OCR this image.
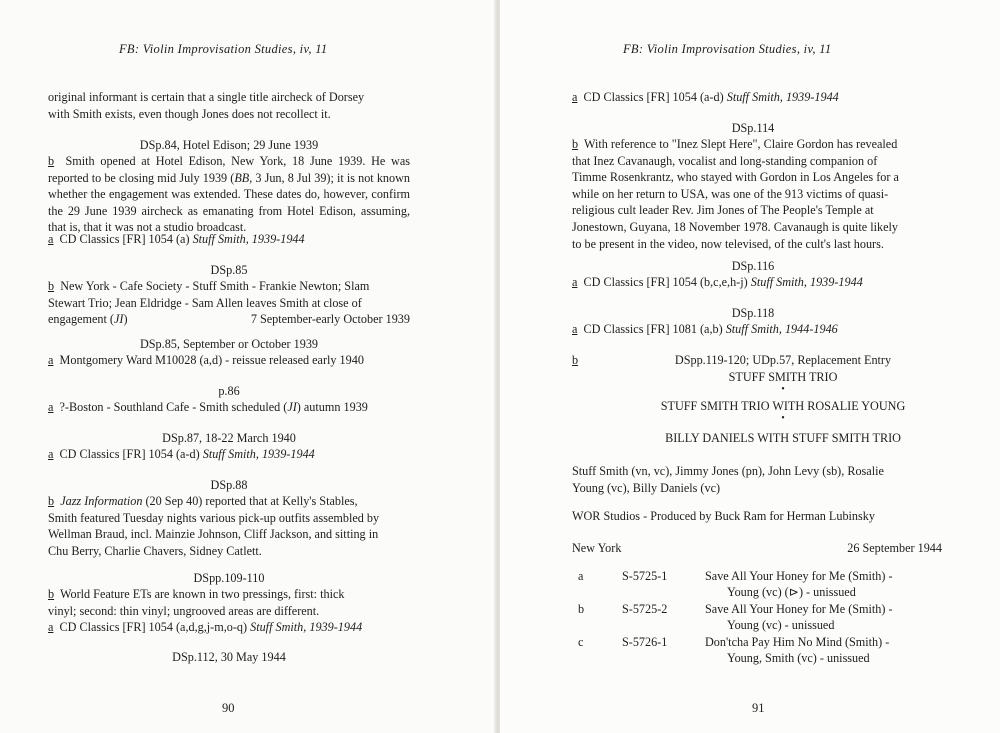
FB: Violin Improvisation Studies, iv, 11
original informant is certain that a single title aircheck of Dorsey
with Smith exists, even though Jones does not recollect it.
DSp.84, Hotel Edison; 29 June 1939
b Smith opened at Hotel Edison, New York, 18 June 1939. He was reported to be closing mid July 1939 (BB, 3 Jun, 8 Jul 39); it is not known whether the engagement was extended. These dates do, however, confirm the 29 June 1939 aircheck as emanating from Hotel Edison, assuming, that is, that it was not a studio broadcast.
a CD Classics [FR] 1054 (a) Stuff Smith, 1939-1944
DSp.85
b New York - Cafe Society - Stuff Smith - Frankie Newton; Slam
Stewart Trio; Jean Eldridge - Sam Allen leaves Smith at close of
engagement (JI)	7 September-early October 1939
DSp.85, September or October 1939
a Montgomery Ward M10028 (a,d) - reissue released early 1940
p.86
a ?-Boston - Southland Cafe - Smith scheduled (JI) autumn 1939
DSp.87, 18-22 March 1940
a CD Classics [FR] 1054 (a-d) Stuff Smith, 1939-1944
DSp.88
b Jazz Information (20 Sep 40) reported that at Kelly's Stables,
Smith featured Tuesday nights various pick-up outfits assembled by
Wellman Braud, incl. Mainzie Johnson, Cliff Jackson, and sitting in
Chu Berry, Charlie Chavers, Sidney Catlett.
DSpp.109-110
b World Feature ETs are known in two pressings, first: thick
vinyl; second: thin vinyl; ungrooved areas are different.
a CD Classics [FR] 1054 (a,d,g,j-m,o-q) Stuff Smith, 1939-1944
DSp.112, 30 May 1944
90
FB: Violin Improvisation Studies, iv, 11
a CD Classics [FR] 1054 (a-d) Stuff Smith, 1939-1944
DSp.114
b With reference to "Inez Slept Here", Claire Gordon has revealed
that Inez Cavanaugh, vocalist and long-standing companion of
Timme Rosenkrantz, who stayed with Gordon in Los Angeles for a
while on her return to USA, was one of the 913 victims of quasi-
religious cult leader Rev. Jim Jones of The People's Temple at
Jonestown, Guyana, 18 November 1978. Cavanaugh is quite likely
to be present in the video, now televised, of the cult's last hours.
DSp.116
a CD Classics [FR] 1054 (b,c,e,h-j) Stuff Smith, 1939-1944
DSp.118
a CD Classics [FR] 1081 (a,b) Stuff Smith, 1944-1946
b	DSpp.119-120; UDp.57, Replacement Entry
STUFF SMITH TRIO
•
STUFF SMITH TRIO WITH ROSALIE YOUNG
•
BILLY DANIELS WITH STUFF SMITH TRIO
Stuff Smith (vn, vc), Jimmy Jones (pn), John Levy (sb), Rosalie
Young (vc), Billy Daniels (vc)
WOR Studios - Produced by Buck Ram for Herman Lubinsky
New York	26 September 1944
a	S-5725-1	Save All Your Honey for Me (Smith) -
Young (vc) (⊳) - unissued
b	S-5725-2	Save All Your Honey for Me (Smith) -
Young (vc) - unissued
c	S-5726-1	Don'tcha Pay Him No Mind (Smith) -
Young, Smith (vc) - unissued
91
